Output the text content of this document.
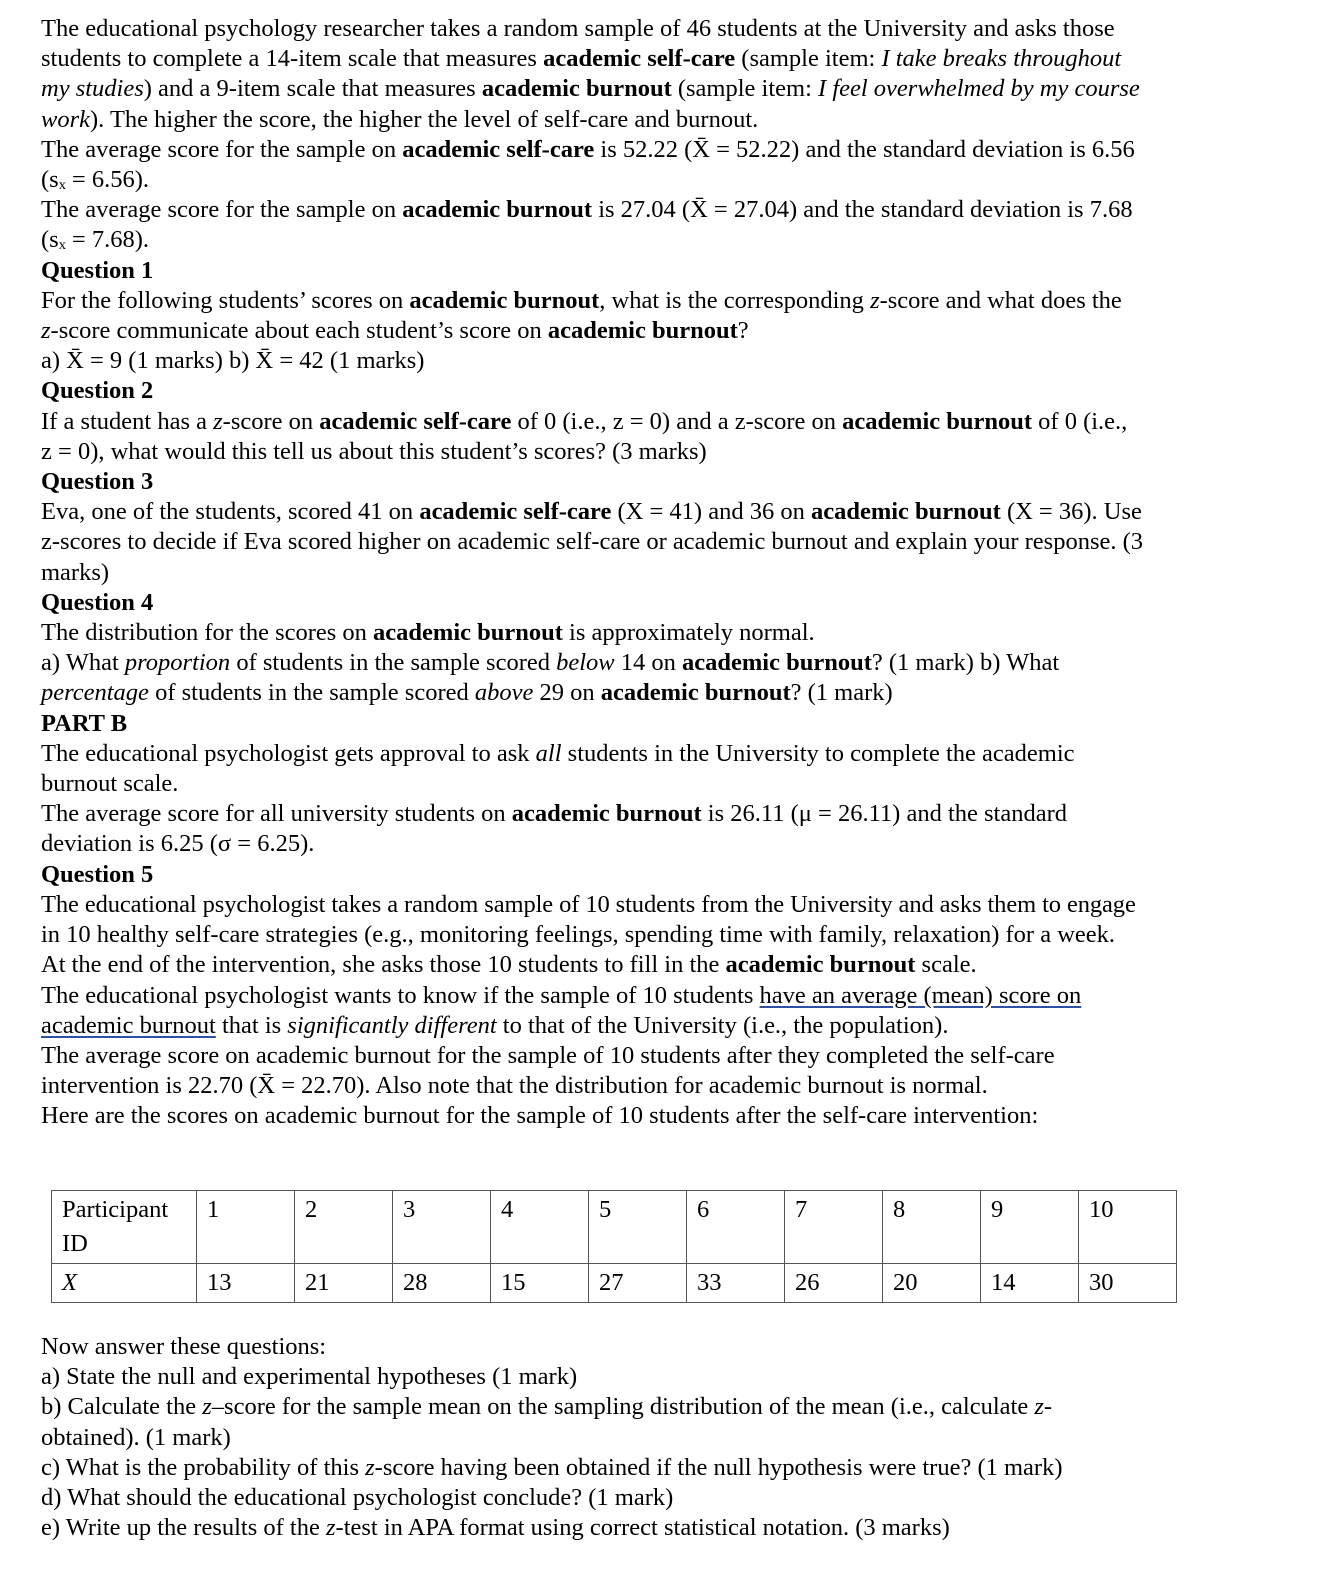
The educational psychology researcher takes a random sample of 46 students at the University and asks those

students to complete a 14-item scale that measures academic self-care (sample item: I take breaks throughout

my studies) and a 9-item scale that measures academic burnout (sample item: I feel overwhelmed by my course

work). The higher the score, the higher the level of self-care and burnout.

The average score for the sample on academic self-care is 52.22 (X̄ = 52.22) and the standard deviation is 6.56

(sₓ = 6.56).

The average score for the sample on academic burnout is 27.04 (X̄ = 27.04) and the standard deviation is 7.68

(sₓ = 7.68).

Question 1

For the following students’ scores on academic burnout, what is the corresponding z-score and what does the

z-score communicate about each student’s score on academic burnout?

a) X̄ = 9 (1 marks) b) X̄ = 42 (1 marks)

Question 2

If a student has a z-score on academic self-care of 0 (i.e., z = 0) and a z-score on academic burnout of 0 (i.e.,

z = 0), what would this tell us about this student’s scores? (3 marks)

Question 3

Eva, one of the students, scored 41 on academic self-care (X = 41) and 36 on academic burnout (X = 36). Use

z-scores to decide if Eva scored higher on academic self-care or academic burnout and explain your response. (3

marks)

Question 4

The distribution for the scores on academic burnout is approximately normal.

a) What proportion of students in the sample scored below 14 on academic burnout? (1 mark) b) What

percentage of students in the sample scored above 29 on academic burnout? (1 mark)

PART B

The educational psychologist gets approval to ask all students in the University to complete the academic

burnout scale.

The average score for all university students on academic burnout is 26.11 (μ = 26.11) and the standard

deviation is 6.25 (σ = 6.25).

Question 5

The educational psychologist takes a random sample of 10 students from the University and asks them to engage

in 10 healthy self-care strategies (e.g., monitoring feelings, spending time with family, relaxation) for a week.

At the end of the intervention, she asks those 10 students to fill in the academic burnout scale.

The educational psychologist wants to know if the sample of 10 students have an average (mean) score on

academic burnout that is significantly different to that of the University (i.e., the population).

The average score on academic burnout for the sample of 10 students after they completed the self-care

intervention is 22.70 (X̄ = 22.70). Also note that the distribution for academic burnout is normal.

Here are the scores on academic burnout for the sample of 10 students after the self-care intervention:

Participant
ID	1	2	3	4	5	6	7	8	9	10
X	13	21	28	15	27	33	26	20	14	30

Now answer these questions:

a) State the null and experimental hypotheses (1 mark)

b) Calculate the z–score for the sample mean on the sampling distribution of the mean (i.e., calculate z-

obtained). (1 mark)

c) What is the probability of this z-score having been obtained if the null hypothesis were true? (1 mark)

d) What should the educational psychologist conclude? (1 mark)

e) Write up the results of the z-test in APA format using correct statistical notation. (3 marks)
